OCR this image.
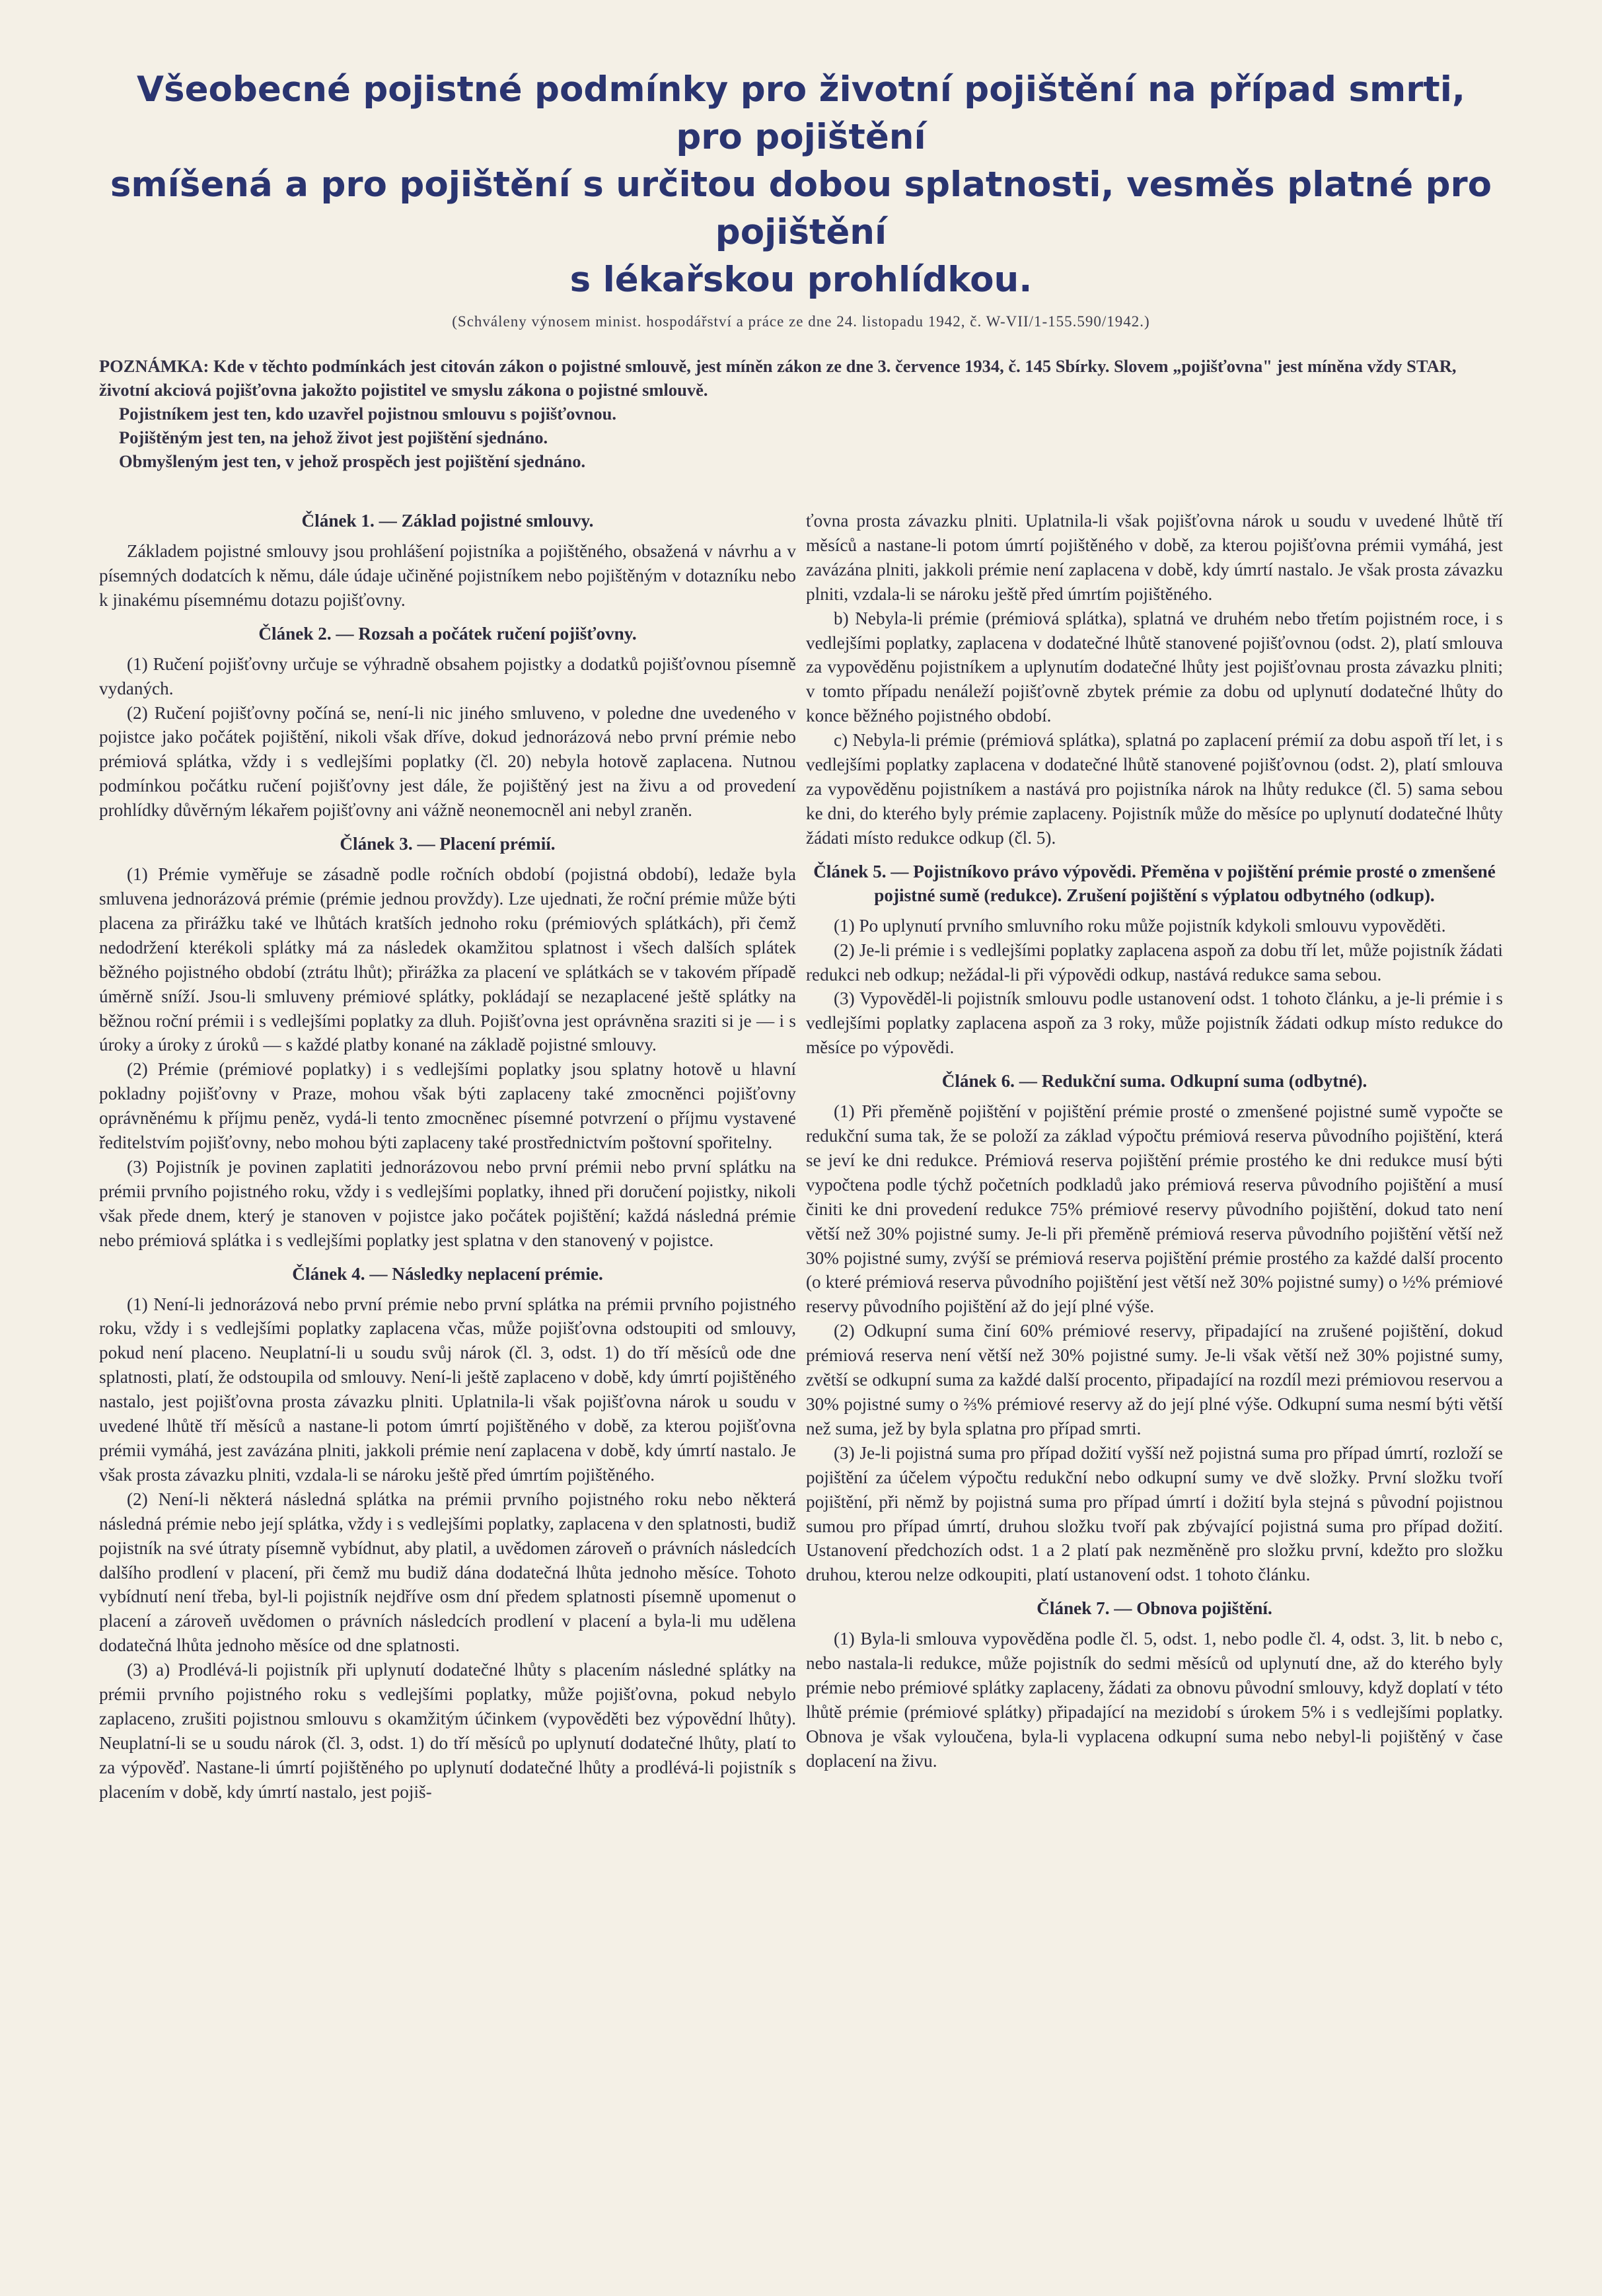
Všeobecné pojistné podmínky pro životní pojištění na případ smrti, pro pojištění
smíšená a pro pojištění s určitou dobou splatnosti, vesměs platné pro pojištění
s lékařskou prohlídkou.
(Schváleny výnosem minist. hospodářství a práce ze dne 24. listopadu 1942, č. W-VII/1-155.590/1942.)

POZNÁMKA: Kde v těchto podmínkách jest citován zákon o pojistné smlouvě, jest míněn zákon ze dne 3. července 1934, č. 145 Sbírky. Slovem „pojišťovna" jest míněna vždy STAR, životní akciová pojišťovna jakožto pojistitel ve smyslu zákona o pojistné smlouvě.

Pojistníkem jest ten, kdo uzavřel pojistnou smlouvu s pojišťovnou.

Pojištěným jest ten, na jehož život jest pojištění sjednáno.

Obmyšleným jest ten, v jehož prospěch jest pojištění sjednáno.

Článek 1. — Základ pojistné smlouvy.

Základem pojistné smlouvy jsou prohlášení pojistníka a pojištěného, obsažená v návrhu a v písemných dodatcích k němu, dále údaje učiněné pojistníkem nebo pojištěným v dotazníku nebo k jinakému písemnému dotazu pojišťovny.

Článek 2. — Rozsah a počátek ručení pojišťovny.

(1) Ručení pojišťovny určuje se výhradně obsahem pojistky a dodatků pojišťovnou písemně vydaných.

(2) Ručení pojišťovny počíná se, není-li nic jiného smluveno, v poledne dne uvedeného v pojistce jako počátek pojištění, nikoli však dříve, dokud jednorázová nebo první prémie nebo prémiová splátka, vždy i s vedlejšími poplatky (čl. 20) nebyla hotově zaplacena. Nutnou podmínkou počátku ručení pojišťovny jest dále, že pojištěný jest na živu a od provedení prohlídky důvěrným lékařem pojišťovny ani vážně neonemocněl ani nebyl zraněn.

Článek 3. — Placení prémií.

(1) Prémie vyměřuje se zásadně podle ročních období (pojistná období), ledaže byla smluvena jednorázová prémie (prémie jednou provždy). Lze ujednati, že roční prémie může býti placena za přirážku také ve lhůtách kratších jednoho roku (prémiových splátkách), při čemž nedodržení kterékoli splátky má za následek okamžitou splatnost i všech dalších splátek běžného pojistného období (ztrátu lhůt); přirážka za placení ve splátkách se v takovém případě úměrně sníží. Jsou-li smluveny prémiové splátky, pokládají se nezaplacené ještě splátky na běžnou roční prémii i s vedlejšími poplatky za dluh. Pojišťovna jest oprávněna sraziti si je — i s úroky a úroky z úroků — s každé platby konané na základě pojistné smlouvy.

(2) Prémie (prémiové poplatky) i s vedlejšími poplatky jsou splatny hotově u hlavní pokladny pojišťovny v Praze, mohou však býti zaplaceny také zmocněnci pojišťovny oprávněnému k příjmu peněz, vydá-li tento zmocněnec písemné potvrzení o příjmu vystavené ředitelstvím pojišťovny, nebo mohou býti zaplaceny také prostřednictvím poštovní spořitelny.

(3) Pojistník je povinen zaplatiti jednorázovou nebo první prémii nebo první splátku na prémii prvního pojistného roku, vždy i s vedlejšími poplatky, ihned při doručení pojistky, nikoli však přede dnem, který je stanoven v pojistce jako počátek pojištění; každá následná prémie nebo prémiová splátka i s vedlejšími poplatky jest splatna v den stanovený v pojistce.

Článek 4. — Následky neplacení prémie.

(1) Není-li jednorázová nebo první prémie nebo první splátka na prémii prvního pojistného roku, vždy i s vedlejšími poplatky zaplacena včas, může pojišťovna odstoupiti od smlouvy, pokud není placeno. Neuplatní-li u soudu svůj nárok (čl. 3, odst. 1) do tří měsíců ode dne splatnosti, platí, že odstoupila od smlouvy. Není-li ještě zaplaceno v době, kdy úmrtí pojištěného nastalo, jest pojišťovna prosta závazku plniti. Uplatnila-li však pojišťovna nárok u soudu v uvedené lhůtě tří měsíců a nastane-li potom úmrtí pojištěného v době, za kterou pojišťovna prémii vymáhá, jest zavázána plniti, jakkoli prémie není zaplacena v době, kdy úmrtí nastalo. Je však prosta závazku plniti, vzdala-li se nároku ještě před úmrtím pojištěného.

(2) Není-li některá následná splátka na prémii prvního pojistného roku nebo některá následná prémie nebo její splátka, vždy i s vedlejšími poplatky, zaplacena v den splatnosti, budiž pojistník na své útraty písemně vybídnut, aby platil, a uvědomen zároveň o právních následcích dalšího prodlení v placení, při čemž mu budiž dána dodatečná lhůta jednoho měsíce. Tohoto vybídnutí není třeba, byl-li pojistník nejdříve osm dní předem splatnosti písemně upomenut o placení a zároveň uvědomen o právních následcích prodlení v placení a byla-li mu udělena dodatečná lhůta jednoho měsíce od dne splatnosti.

(3) a) Prodlévá-li pojistník při uplynutí dodatečné lhůty s placením následné splátky na prémii prvního pojistného roku s vedlejšími poplatky, může pojišťovna, pokud nebylo zaplaceno, zrušiti pojistnou smlouvu s okamžitým účinkem (vypověděti bez výpovědní lhůty). Neuplatní-li se u soudu nárok (čl. 3, odst. 1) do tří měsíců po uplynutí dodatečné lhůty, platí to za výpověď. Nastane-li úmrtí pojištěného po uplynutí dodatečné lhůty a prodlévá-li pojistník s placením v době, kdy úmrtí nastalo, jest pojiš-

ťovna prosta závazku plniti. Uplatnila-li však pojišťovna nárok u soudu v uvedené lhůtě tří měsíců a nastane-li potom úmrtí pojištěného v době, za kterou pojišťovna prémii vymáhá, jest zavázána plniti, jakkoli prémie není zaplacena v době, kdy úmrtí nastalo. Je však prosta závazku plniti, vzdala-li se nároku ještě před úmrtím pojištěného.

b) Nebyla-li prémie (prémiová splátka), splatná ve druhém nebo třetím pojistném roce, i s vedlejšími poplatky, zaplacena v dodatečné lhůtě stanovené pojišťovnou (odst. 2), platí smlouva za vypověděnu pojistníkem a uplynutím dodatečné lhůty jest pojišťovnau prosta závazku plniti; v tomto případu nenáleží pojišťovně zbytek prémie za dobu od uplynutí dodatečné lhůty do konce běžného pojistného období.

c) Nebyla-li prémie (prémiová splátka), splatná po zaplacení prémií za dobu aspoň tří let, i s vedlejšími poplatky zaplacena v dodatečné lhůtě stanovené pojišťovnou (odst. 2), platí smlouva za vypověděnu pojistníkem a nastává pro pojistníka nárok na lhůty redukce (čl. 5) sama sebou ke dni, do kterého byly prémie zaplaceny. Pojistník může do měsíce po uplynutí dodatečné lhůty žádati místo redukce odkup (čl. 5).

Článek 5. — Pojistníkovo právo výpovědi. Přeměna v pojištění prémie prosté o zmenšené pojistné sumě (redukce). Zrušení pojištění s výplatou odbytného (odkup).

(1) Po uplynutí prvního smluvního roku může pojistník kdykoli smlouvu vypověděti.

(2) Je-li prémie i s vedlejšími poplatky zaplacena aspoň za dobu tří let, může pojistník žádati redukci neb odkup; nežádal-li při výpovědi odkup, nastává redukce sama sebou.

(3) Vypověděl-li pojistník smlouvu podle ustanovení odst. 1 tohoto článku, a je-li prémie i s vedlejšími poplatky zaplacena aspoň za 3 roky, může pojistník žádati odkup místo redukce do měsíce po výpovědi.

Článek 6. — Redukční suma. Odkupní suma (odbytné).

(1) Při přeměně pojištění v pojištění prémie prosté o zmenšené pojistné sumě vypočte se redukční suma tak, že se položí za základ výpočtu prémiová reserva původního pojištění, která se jeví ke dni redukce. Prémiová reserva pojištění prémie prostého ke dni redukce musí býti vypočtena podle týchž početních podkladů jako prémiová reserva původního pojištění a musí činiti ke dni provedení redukce 75% prémiové reservy původního pojištění, dokud tato není větší než 30% pojistné sumy. Je-li při přeměně prémiová reserva původního pojištění větší než 30% pojistné sumy, zvýší se prémiová reserva pojištění prémie prostého za každé další procento (o které prémiová reserva původního pojištění jest větší než 30% pojistné sumy) o ½% prémiové reservy původního pojištění až do její plné výše.

(2) Odkupní suma činí 60% prémiové reservy, připadající na zrušené pojištění, dokud prémiová reserva není větší než 30% pojistné sumy. Je-li však větší než 30% pojistné sumy, zvětší se odkupní suma za každé další procento, připadající na rozdíl mezi prémiovou reservou a 30% pojistné sumy o ⅔% prémiové reservy až do její plné výše. Odkupní suma nesmí býti větší než suma, jež by byla splatna pro případ smrti.

(3) Je-li pojistná suma pro případ dožití vyšší než pojistná suma pro případ úmrtí, rozloží se pojištění za účelem výpočtu redukční nebo odkupní sumy ve dvě složky. První složku tvoří pojištění, při němž by pojistná suma pro případ úmrtí i dožití byla stejná s původní pojistnou sumou pro případ úmrtí, druhou složku tvoří pak zbývající pojistná suma pro případ dožití. Ustanovení předchozích odst. 1 a 2 platí pak nezměněně pro složku první, kdežto pro složku druhou, kterou nelze odkoupiti, platí ustanovení odst. 1 tohoto článku.

Článek 7. — Obnova pojištění.

(1) Byla-li smlouva vypověděna podle čl. 5, odst. 1, nebo podle čl. 4, odst. 3, lit. b nebo c, nebo nastala-li redukce, může pojistník do sedmi měsíců od uplynutí dne, až do kterého byly prémie nebo prémiové splátky zaplaceny, žádati za obnovu původní smlouvy, když doplatí v této lhůtě prémie (prémiové splátky) připadající na mezidobí s úrokem 5% i s vedlejšími poplatky. Obnova je však vyloučena, byla-li vyplacena odkupní suma nebo nebyl-li pojištěný v čase doplacení na živu.
